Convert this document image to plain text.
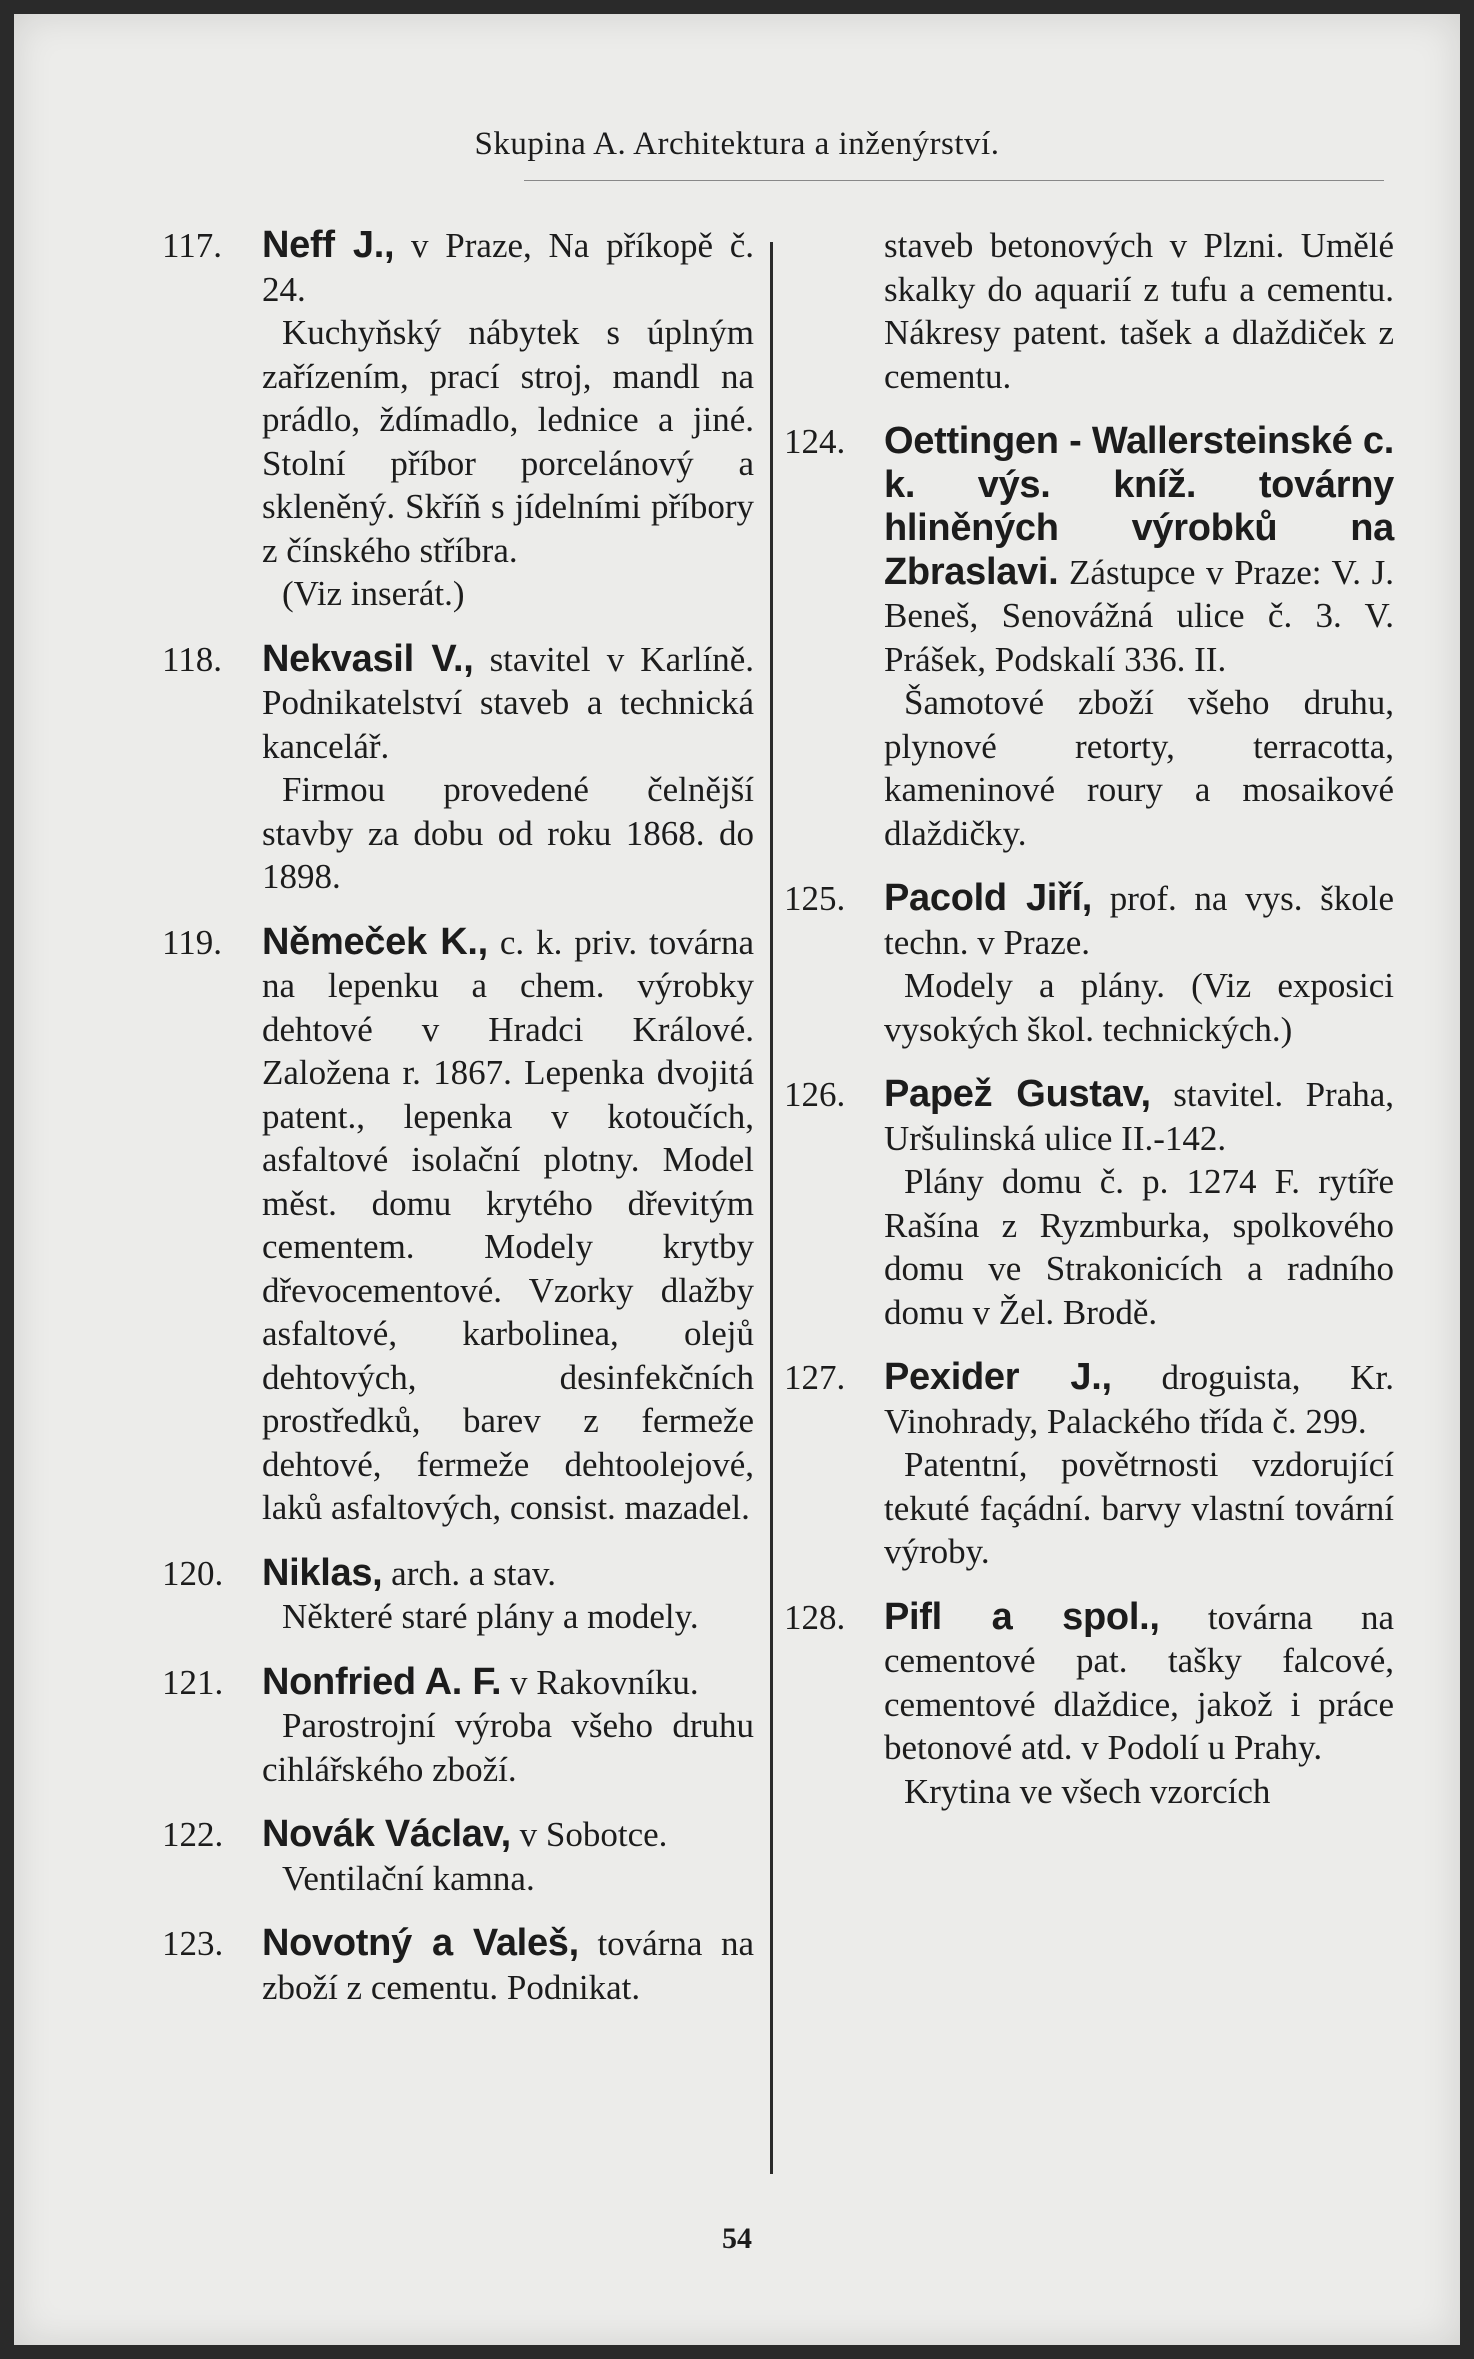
Skupina A. Architektura a inženýrství.
117.	Neff J., v Praze, Na příkopě č. 24.

Kuchyňský nábytek s úplným zařízením, prací stroj, mandl na prádlo, ždímadlo, lednice a jiné. Stolní příbor porcelánový a skleněný. Skříň s jídelními příbory z čínského stříbra.

(Viz inserát.)

118.	Nekvasil V., stavitel v Karlíně. Podnikatelství staveb a technická kancelář.

Firmou provedené čelnější stavby za dobu od roku 1868. do 1898.

119.	Němeček K., c. k. priv. továrna na lepenku a chem. výrobky dehtové v Hradci Králové. Založena r. 1867. Lepenka dvojitá patent., lepenka v kotoučích, asfaltové isolační plotny. Model měst. domu krytého dřevitým cementem. Modely krytby dřevocementové. Vzorky dlažby asfaltové, karbolinea, olejů dehtových, desinfekčních prostředků, barev z fermeže dehtové, fermeže dehtoolejové, laků asfaltových, consist. mazadel.

120.	Niklas, arch. a stav.

Některé staré plány a modely.

121.	Nonfried A. F. v Rakovníku.

Parostrojní výroba všeho druhu cihlářského zboží.

122.	Novák Václav, v Sobotce.

Ventilační kamna.

123.	Novotný a Valeš, továrna na zboží z cementu. Podnikat.

staveb betonových v Plzni. Umělé skalky do aquarií z tufu a cementu. Nákresy patent. tašek a dlaždiček z cementu.

124.	Oettingen - Wallersteinské c. k. výs. kníž. továrny hliněných výrobků na Zbraslavi. Zástupce v Praze: V. J. Beneš, Senovážná ulice č. 3. V. Prášek, Podskalí 336. II.

Šamotové zboží všeho druhu, plynové retorty, terracotta, kameninové roury a mosaikové dlaždičky.

125.	Pacold Jiří, prof. na vys. škole techn. v Praze.

Modely a plány. (Viz exposici vysokých škol. technických.)

126.	Papež Gustav, stavitel. Praha, Uršulinská ulice II.-142.

Plány domu č. p. 1274 F. rytíře Rašína z Ryzmburka, spolkového domu ve Strakonicích a radního domu v Žel. Brodě.

127.	Pexider J., droguista, Kr. Vinohrady, Palackého třída č. 299.

Patentní, povětrnosti vzdorující tekuté façádní. barvy vlastní tovární výroby.

128.	Pifl a spol., továrna na cementové pat. tašky falcové, cementové dlaždice, jakož i práce betonové atd. v Podolí u Prahy.

Krytina ve všech vzorcích

54
